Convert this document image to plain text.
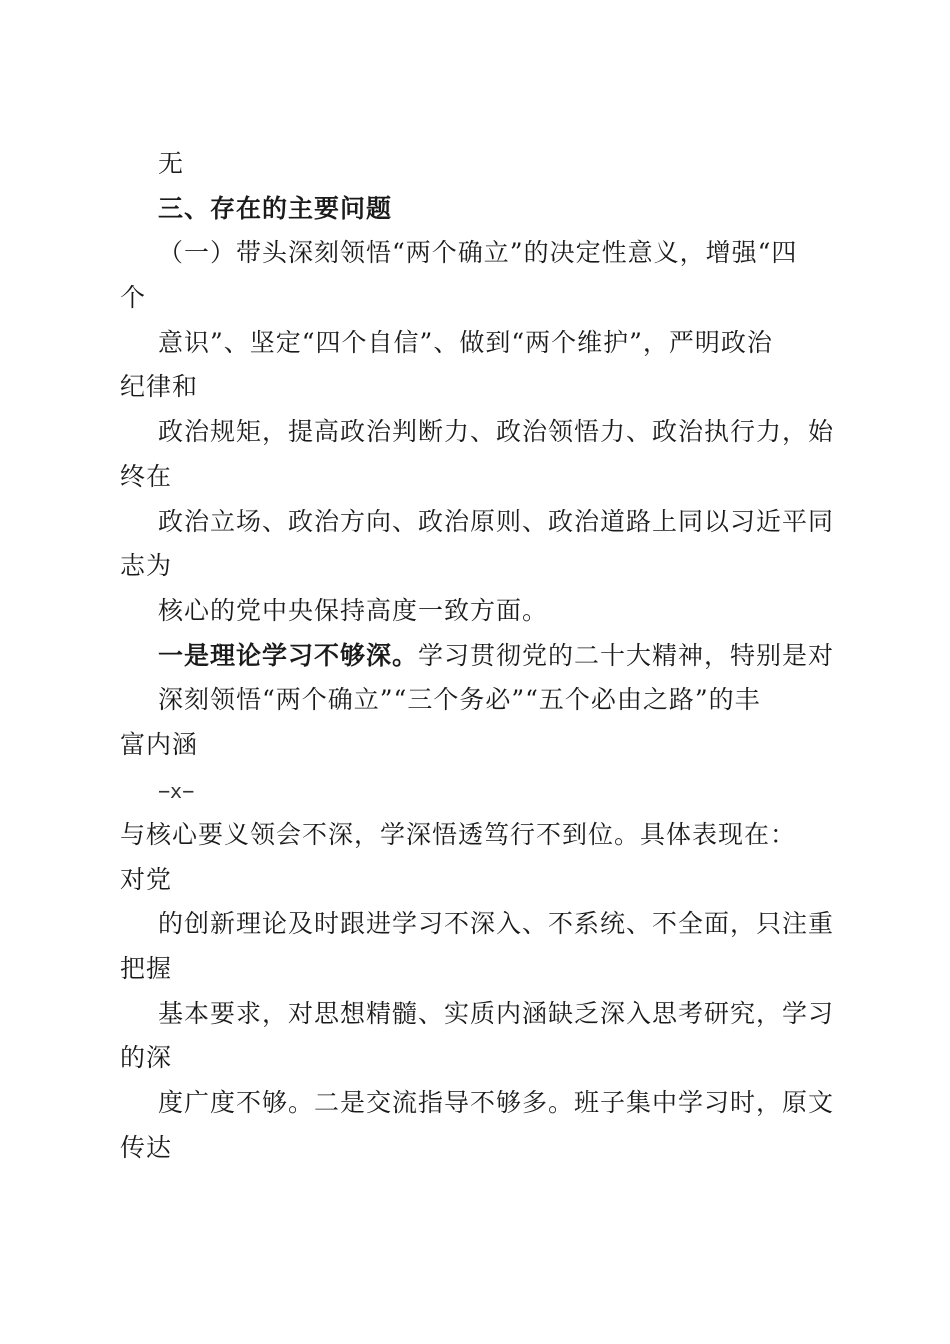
无
三、存在的主要问题
（一）带头深刻领悟“两个确立”的决定性意义，增强“四
个
意识”、坚定“四个自信”、做到“两个维护”，严明政治
纪律和
政治规矩，提高政治判断力、政治领悟力、政治执行力，始
终在
政治立场、政治方向、政治原则、政治道路上同以习近平同
志为
核心的党中央保持高度一致方面。
一是理论学习不够深。学习贯彻党的二十大精神，特别是对
深刻领悟“两个确立”“三个务必”“五个必由之路”的丰
富内涵
−x−
与核心要义领会不深，学深悟透笃行不到位。具体表现在：
对党
的创新理论及时跟进学习不深入、不系统、不全面，只注重
把握
基本要求，对思想精髓、实质内涵缺乏深入思考研究，学习
的深
度广度不够。二是交流指导不够多。班子集中学习时，原文
传达
